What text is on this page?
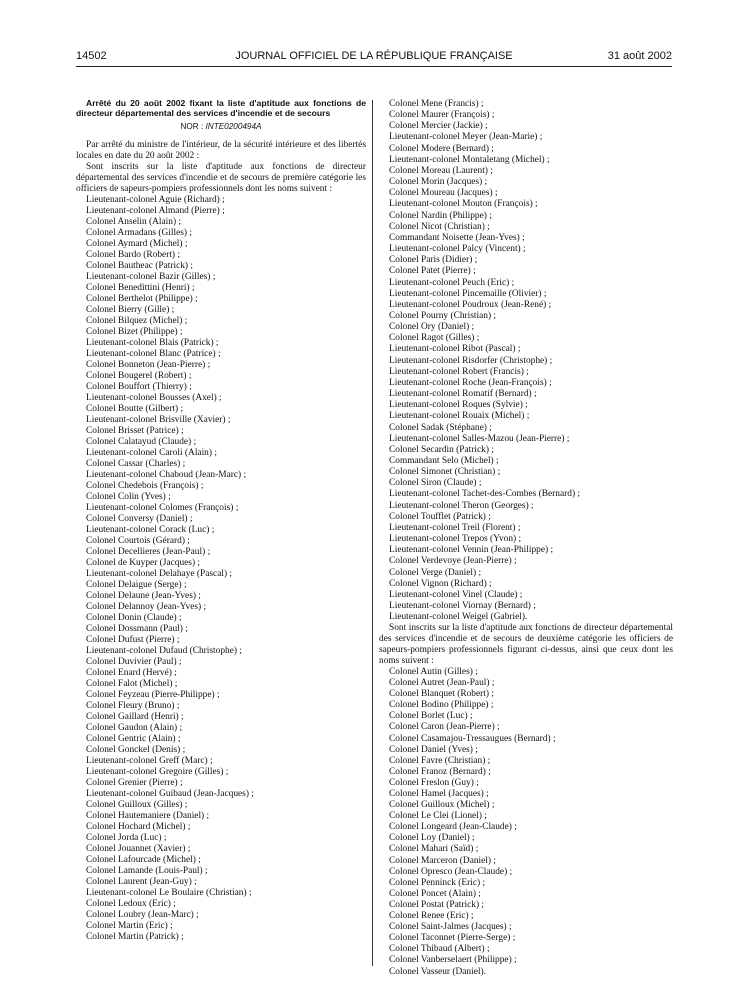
14502	JOURNAL OFFICIEL DE LA RÉPUBLIQUE FRANÇAISE	31 août 2002

Arrêté du 20 août 2002 fixant la liste d'aptitude aux fonctions de directeur départemental des services d'incendie et de secours

NOR : INTE0200494A

Par arrêté du ministre de l'intérieur, de la sécurité intérieure et des libertés locales en date du 20 août 2002 :

Sont inscrits sur la liste d'aptitude aux fonctions de directeur départemental des services d'incendie et de secours de première catégorie les officiers de sapeurs-pompiers professionnels dont les noms suivent :

Lieutenant-colonel Aguie (Richard) ;
Lieutenant-colonel Almand (Pierre) ;
Colonel Anselin (Alain) ;
Colonel Armadans (Gilles) ;
Colonel Aymard (Michel) ;
Colonel Bardo (Robert) ;
Colonel Bautheac (Patrick) ;
Lieutenant-colonel Bazir (Gilles) ;
Colonel Benedittini (Henri) ;
Colonel Berthelot (Philippe) ;
Colonel Bierry (Gille) ;
Colonel Bilquez (Michel) ;
Colonel Bizet (Philippe) ;
Lieutenant-colonel Blais (Patrick) ;
Lieutenant-colonel Blanc (Patrice) ;
Colonel Bonneton (Jean-Pierre) ;
Colonel Bougerel (Robert) ;
Colonel Bouffort (Thierry) ;
Lieutenant-colonel Bousses (Axel) ;
Colonel Boutte (Gilbert) ;
Lieutenant-colonel Brisville (Xavier) ;
Colonel Brisset (Patrice) ;
Colonel Calatayud (Claude) ;
Lieutenant-colonel Caroli (Alain) ;
Colonel Cassar (Charles) ;
Lieutenant-colonel Chaboud (Jean-Marc) ;
Colonel Chedebois (François) ;
Colonel Colin (Yves) ;
Lieutenant-colonel Colomes (François) ;
Colonel Conversy (Daniel) ;
Lieutenant-colonel Corack (Luc) ;
Colonel Courtois (Gérard) ;
Colonel Decellieres (Jean-Paul) ;
Colonel de Kuyper (Jacques) ;
Lieutenant-colonel Delahaye (Pascal) ;
Colonel Delaigue (Serge) ;
Colonel Delaune (Jean-Yves) ;
Colonel Delannoy (Jean-Yves) ;
Colonel Donin (Claude) ;
Colonel Dossmann (Paul) ;
Colonel Dufust (Pierre) ;
Lieutenant-colonel Dufaud (Christophe) ;
Colonel Duvivier (Paul) ;
Colonel Enard (Hervé) ;
Colonel Falot (Michel) ;
Colonel Feyzeau (Pierre-Philippe) ;
Colonel Fleury (Bruno) ;
Colonel Gaillard (Henri) ;
Colonel Gaudon (Alain) ;
Colonel Gentric (Alain) ;
Colonel Gonckel (Denis) ;
Lieutenant-colonel Greff (Marc) ;
Lieutenant-colonel Gregoire (Gilles) ;
Colonel Grenier (Pierre) ;
Lieutenant-colonel Guibaud (Jean-Jacques) ;
Colonel Guilloux (Gilles) ;
Colonel Hautemaniere (Daniel) ;
Colonel Hochard (Michel) ;
Colonel Jorda (Luc) ;
Colonel Jouannet (Xavier) ;
Colonel Lafourcade (Michel) ;
Colonel Lamande (Louis-Paul) ;
Colonel Laurent (Jean-Guy) ;
Lieutenant-colonel Le Boulaire (Christian) ;
Colonel Ledoux (Eric) ;
Colonel Loubry (Jean-Marc) ;
Colonel Martin (Eric) ;
Colonel Martin (Patrick) ;
Colonel Mene (Francis) ;
Colonel Maurer (François) ;
Colonel Mercier (Jackie) ;
Lieutenant-colonel Meyer (Jean-Marie) ;
Colonel Modere (Bernard) ;
Lieutenant-colonel Montaletang (Michel) ;
Colonel Moreau (Laurent) ;
Colonel Morin (Jacques) ;
Colonel Moureau (Jacques) ;
Lieutenant-colonel Mouton (François) ;
Colonel Nardin (Philippe) ;
Colonel Nicot (Christian) ;
Commandant Noisette (Jean-Yves) ;
Lieutenant-colonel Palcy (Vincent) ;
Colonel Paris (Didier) ;
Colonel Patet (Pierre) ;
Lieutenant-colonel Peuch (Eric) ;
Lieutenant-colonel Pincemaille (Olivier) ;
Lieutenant-colonel Poudroux (Jean-René) ;
Colonel Pourny (Christian) ;
Colonel Ory (Daniel) ;
Colonel Ragot (Gilles) ;
Lieutenant-colonel Ribot (Pascal) ;
Lieutenant-colonel Risdorfer (Christophe) ;
Lieutenant-colonel Robert (Francis) ;
Lieutenant-colonel Roche (Jean-François) ;
Lieutenant-colonel Romatif (Bernard) ;
Lieutenant-colonel Roques (Sylvie) ;
Lieutenant-colonel Rouaix (Michel) ;
Colonel Sadak (Stéphane) ;
Lieutenant-colonel Salles-Mazou (Jean-Pierre) ;
Colonel Secardin (Patrick) ;
Commandant Selo (Michel) ;
Colonel Simonet (Christian) ;
Colonel Siron (Claude) ;
Lieutenant-colonel Tachet-des-Combes (Bernard) ;
Lieutenant-colonel Theron (Georges) ;
Colonel Toufflet (Patrick) ;
Lieutenant-colonel Treil (Florent) ;
Lieutenant-colonel Trepos (Yvon) ;
Lieutenant-colonel Vennin (Jean-Philippe) ;
Colonel Verdevoye (Jean-Pierre) ;
Colonel Verge (Daniel) ;
Colonel Vignon (Richard) ;
Lieutenant-colonel Vinel (Claude) ;
Lieutenant-colonel Viornay (Bernard) ;
Lieutenant-colonel Weigel (Gabriel).

Sont inscrits sur la liste d'aptitude aux fonctions de directeur départemental des services d'incendie et de secours de deuxième catégorie les officiers de sapeurs-pompiers professionnels figurant ci-dessus, ainsi que ceux dont les noms suivent :

Colonel Autin (Gilles) ;
Colonel Autret (Jean-Paul) ;
Colonel Blanquet (Robert) ;
Colonel Bodino (Philippe) ;
Colonel Borlet (Luc) ;
Colonel Caron (Jean-Pierre) ;
Colonel Casamajou-Tressaugues (Bernard) ;
Colonel Daniel (Yves) ;
Colonel Favre (Christian) ;
Colonel Franoz (Bernard) ;
Colonel Freslon (Guy) ;
Colonel Hamel (Jacques) ;
Colonel Guilloux (Michel) ;
Colonel Le Clei (Lionel) ;
Colonel Longeard (Jean-Claude) ;
Colonel Loy (Daniel) ;
Colonel Mahari (Saïd) ;
Colonel Marceron (Daniel) ;
Colonel Opresco (Jean-Claude) ;
Colonel Penninck (Eric) ;
Colonel Poncet (Alain) ;
Colonel Postat (Patrick) ;
Colonel Renee (Eric) ;
Colonel Saint-Jalmes (Jacques) ;
Colonel Taconnet (Pierre-Serge) ;
Colonel Thibaud (Albert) ;
Colonel Vanberselaert (Philippe) ;
Colonel Vasseur (Daniel).
